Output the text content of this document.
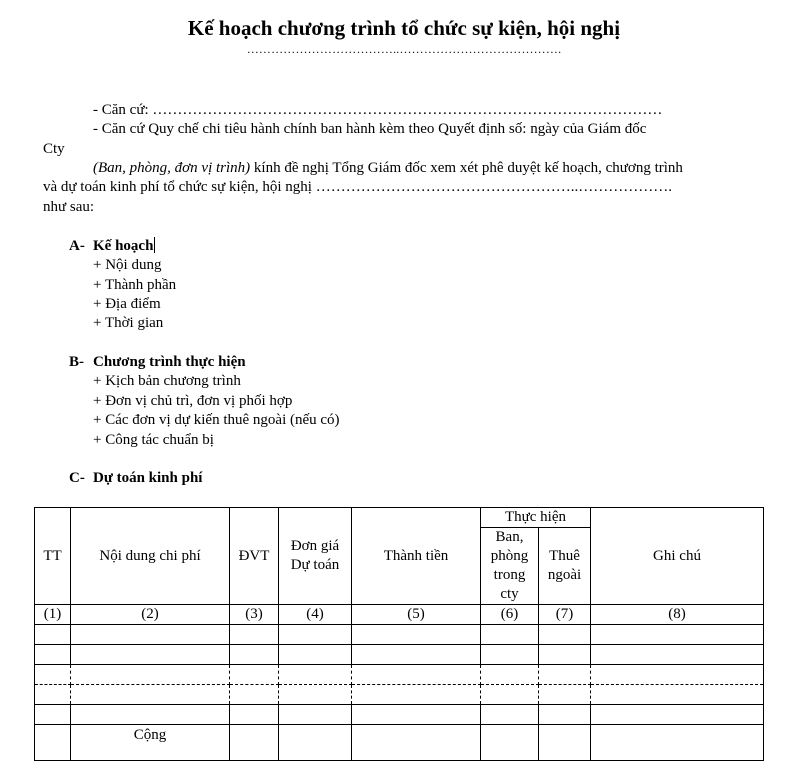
Kế hoạch chương trình tổ chức sự kiện, hội nghị
………………………………..………………………………….
- Căn cứ: …………………………………………………………………………………………
- Căn cứ Quy chế chi tiêu hành chính ban hành kèm theo Quyết định số: ngày của Giám đốc
Cty
(Ban, phòng, đơn vị trình) kính đề nghị Tổng Giám đốc xem xét phê duyệt kế hoạch, chương trình
và dự toán kinh phí tổ chức sự kiện, hội nghị ……………………………………………..……………….
như sau:
A- Kế hoạch
+ Nội dung
+ Thành phần
+ Địa điểm
+ Thời gian
B- Chương trình thực hiện
+ Kịch bản chương trình
+ Đơn vị chủ trì, đơn vị phối hợp
+ Các đơn vị dự kiến thuê ngoài (nếu có)
+ Công tác chuẩn bị
C- Dự toán kinh phí
TT	Nội dung chi phí	ĐVT	Đơn giá Dự toán	Thành tiền	Thực hiện		Ghi chú
					Ban, phòng trong cty	Thuê ngoài	
(1)	(2)	(3)	(4)	(5)	(6)	(7)	(8)

	Cộng						
